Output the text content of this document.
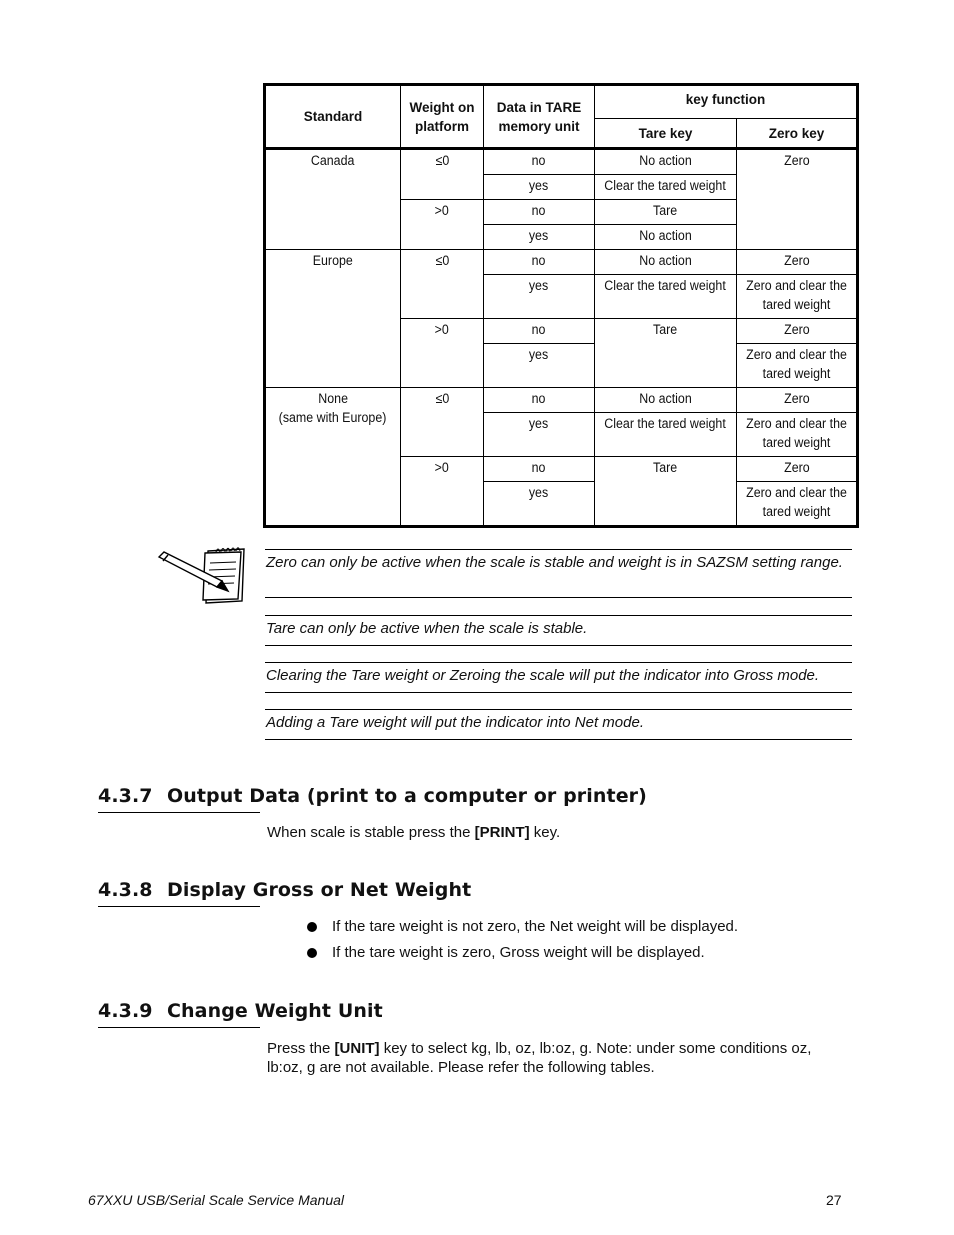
Standard	Weight on platform	Data in TARE memory unit	key function	
			Tare key	Zero key
Canada	≤0	no	No action	Zero
		yes	Clear the tared weight	
	>0	no	Tare	
		yes	No action	
Europe	≤0	no	No action	Zero
		yes	Clear the tared weight	Zero and clear the tared weight
	>0	no	Tare	Zero
		yes		Zero and clear the tared weight
None
(same with Europe)	≤0	no	No action	Zero
		yes	Clear the tared weight	Zero and clear the tared weight
	>0	no	Tare	Zero
		yes		Zero and clear the tared weight
Zero can only be active when the scale is stable and weight is in SAZSM setting range.
Tare can only be active when the scale is stable.
Clearing the Tare weight or Zeroing the scale will put the indicator into Gross mode.
Adding a Tare weight will put the indicator into Net mode.
4.3.7 Output Data (print to a computer or printer)
When scale is stable press the [PRINT] key.
4.3.8 Display Gross or Net Weight
If the tare weight is not zero, the Net weight will be displayed.
If the tare weight is zero, Gross weight will be displayed.
4.3.9 Change Weight Unit
Press the [UNIT] key to select kg, lb, oz, lb:oz, g. Note: under some conditions oz, lb:oz, g are not available. Please refer the following tables.
67XXU USB/Serial Scale Service Manual	27
